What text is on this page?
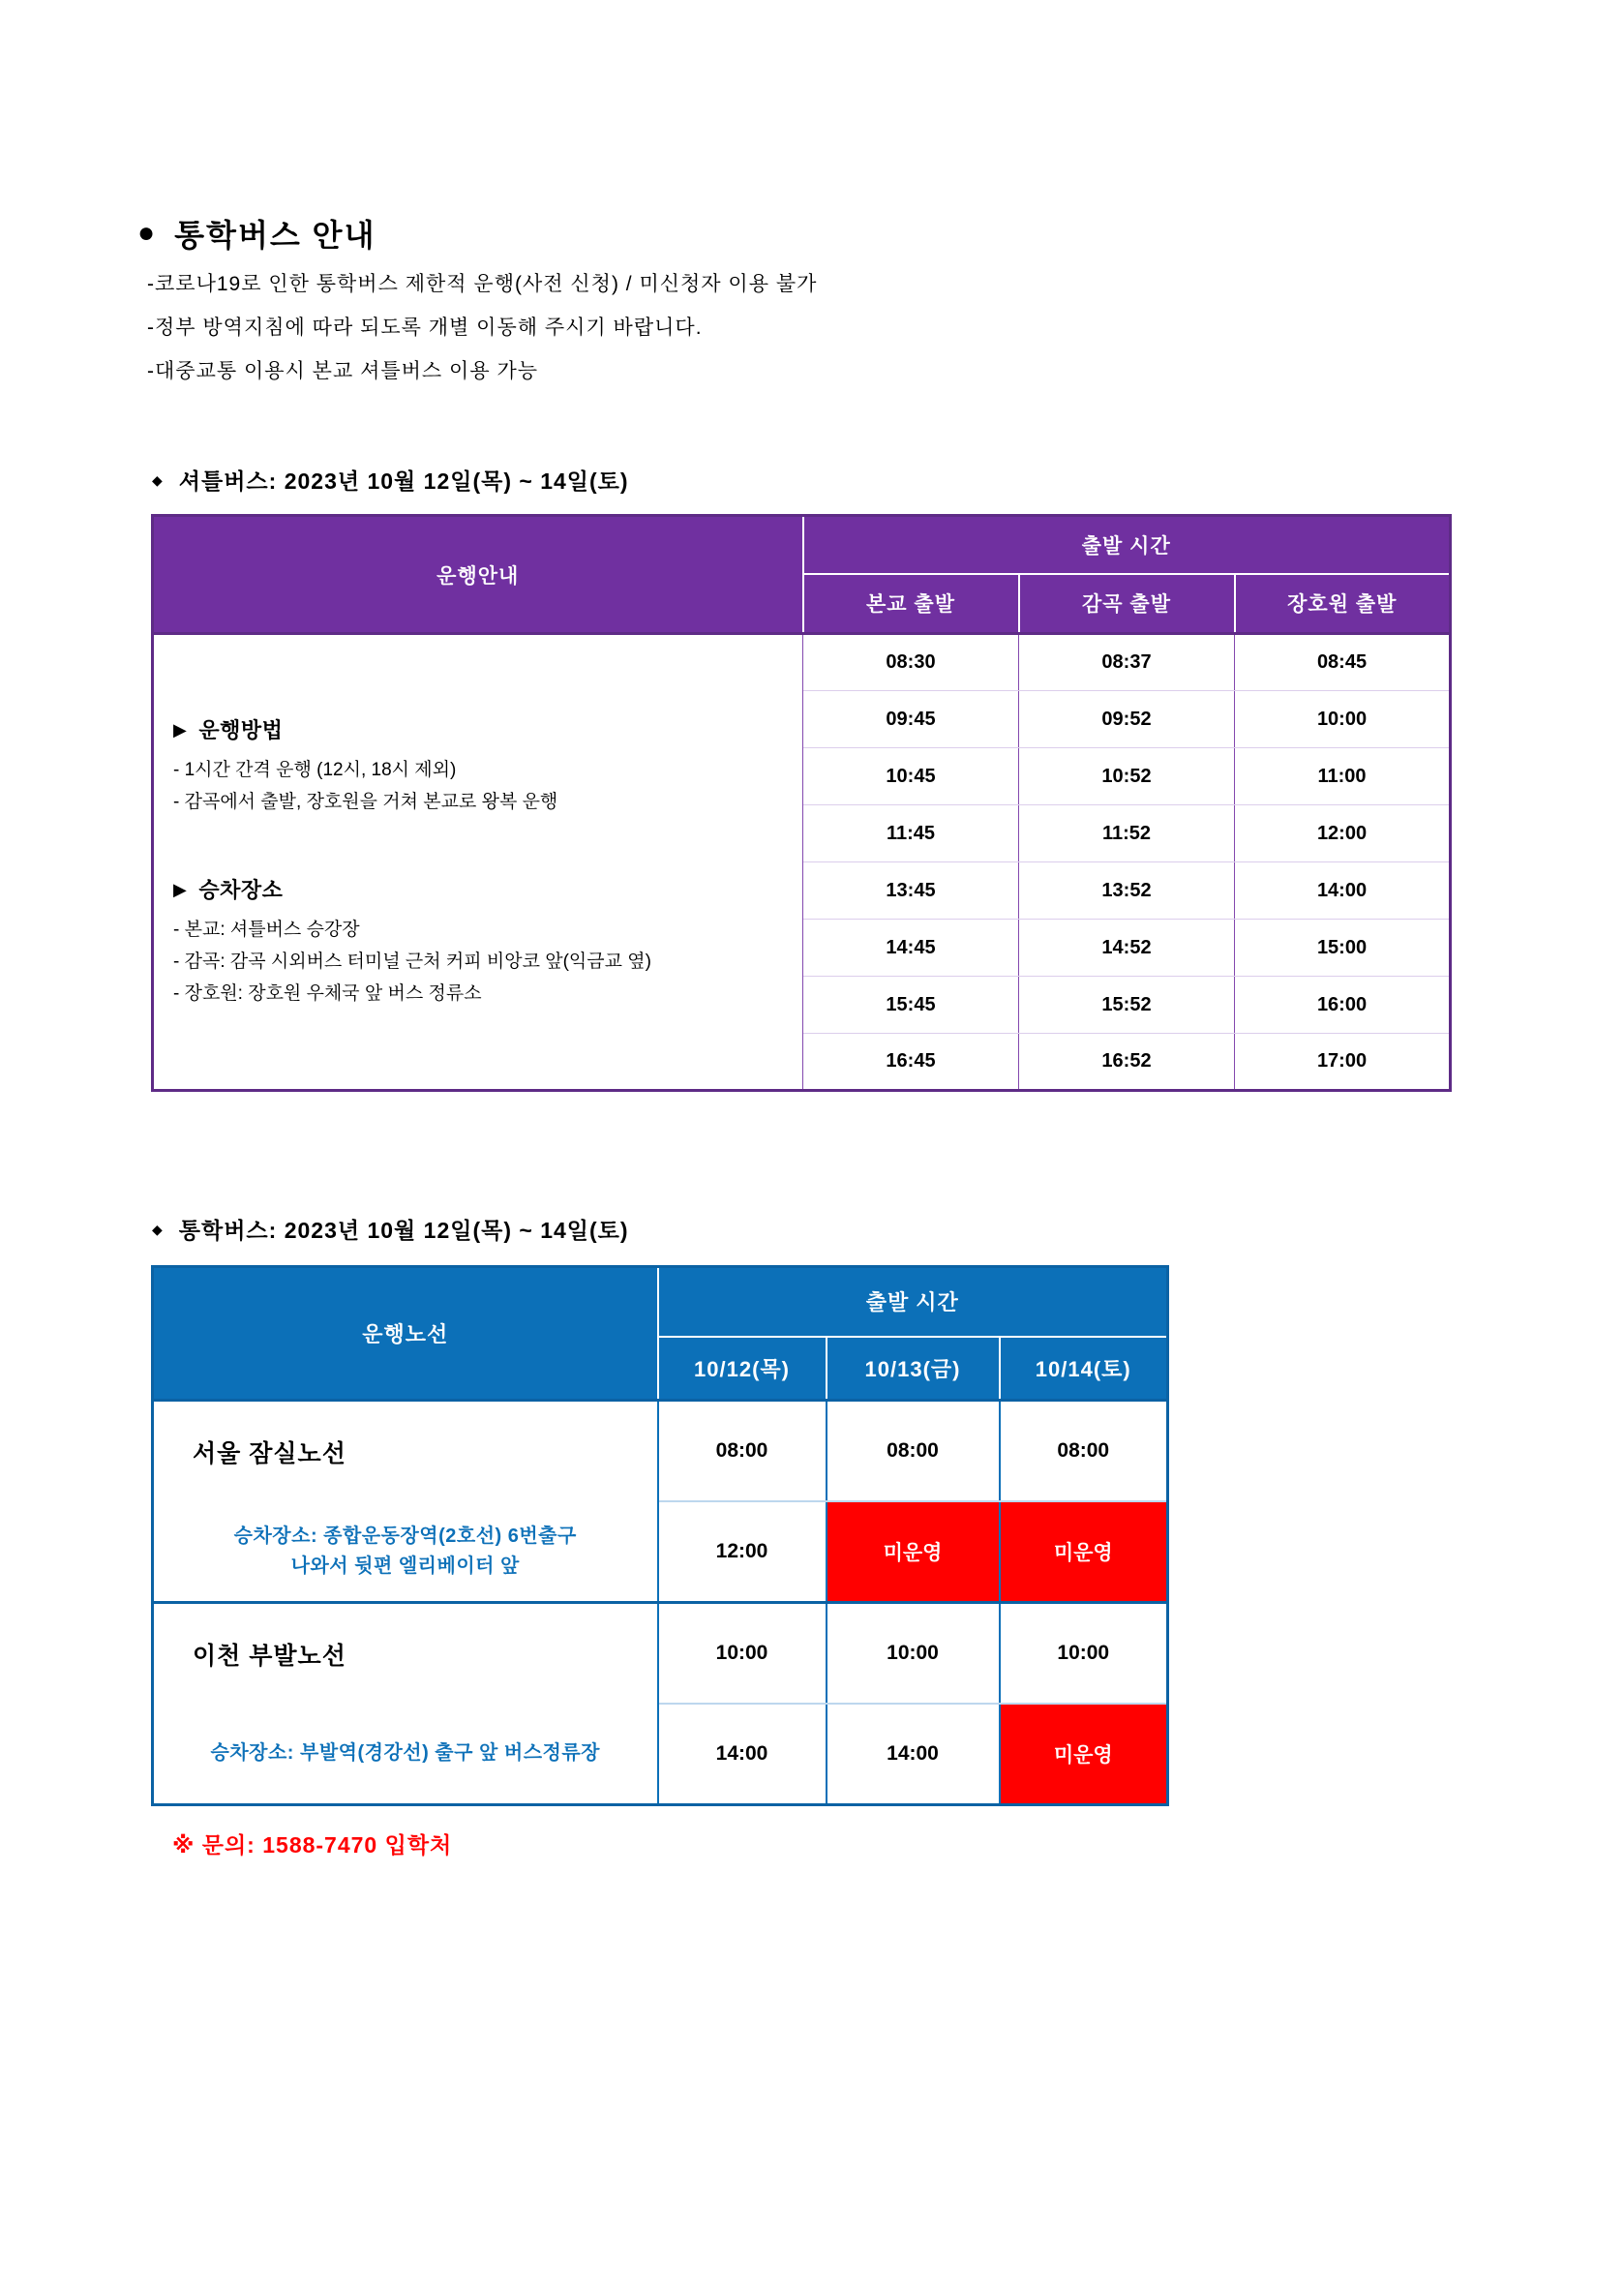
● 통학버스 안내
-코로나19로 인한 통학버스 제한적 운행(사전 신청) / 미신청자 이용 불가
-정부 방역지침에 따라 되도록 개별 이동해 주시기 바랍니다.
-대중교통 이용시 본교 셔틀버스 이용 가능
◆ 셔틀버스: 2023년 10월 12일(목) ~ 14일(토)
운행안내	출발 시간		
	본교 출발	감곡 출발	장호원 출발

▶ 운행방법
- 1시간 간격 운행 (12시, 18시 제외)
- 감곡에서 출발, 장호원을 거쳐 본교로 왕복 운행
▶ 승차장소
- 본교: 셔틀버스 승강장
- 감곡: 감곡 시외버스 터미널 근처 커피 비앙코 앞(익금교 옆)
- 장호원: 장호원 우체국 앞 버스 정류소
	08:30	08:37	08:45
	09:45	09:52	10:00
	10:45	10:52	11:00
	11:45	11:52	12:00
	13:45	13:52	14:00
	14:45	14:52	15:00
	15:45	15:52	16:00
	16:45	16:52	17:00
◆ 통학버스: 2023년 10월 12일(목) ~ 14일(토)
운행노선	출발 시간		
	10/12(목)	10/13(금)	10/14(토)

서울 잠실노선
승차장소: 종합운동장역(2호선) 6번출구
나와서 뒷편 엘리베이터 앞	08:00	08:00	08:00
	12:00	미운영	미운영

이천 부발노선
승차장소: 부발역(경강선) 출구 앞 버스정류장	10:00	10:00	10:00
	14:00	14:00	미운영
※ 문의: 1588-7470 입학처
